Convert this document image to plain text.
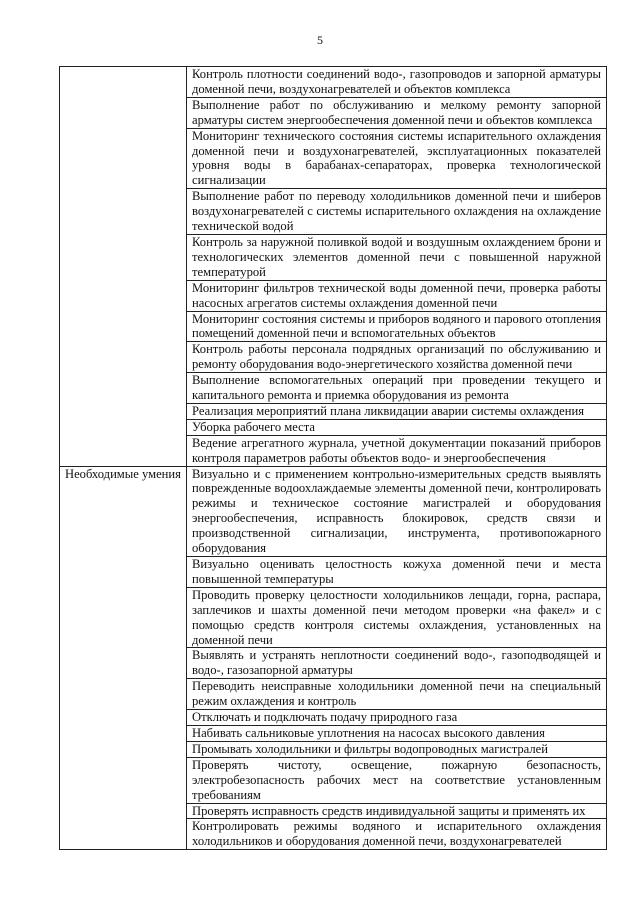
5
	Контроль плотности соединений водо-, газопроводов и запорной арматуры доменной печи, воздухонагревателей и объектов комплекса
	Выполнение работ по обслуживанию и мелкому ремонту запорной арматуры систем энергообеспечения доменной печи и объектов комплекса
	Мониторинг технического состояния системы испарительного охлаждения доменной печи и воздухонагревателей, эксплуатационных показателей уровня воды в барабанах-сепараторах, проверка технологической сигнализации
	Выполнение работ по переводу холодильников доменной печи и шиберов воздухонагревателей с системы испарительного охлаждения на охлаждение технической водой
	Контроль за наружной поливкой водой и воздушным охлаждением брони и технологических элементов доменной печи с повышенной наружной температурой
	Мониторинг фильтров технической воды доменной печи, проверка работы насосных агрегатов системы охлаждения доменной печи
	Мониторинг состояния системы и приборов водяного и парового отопления помещений доменной печи и вспомогательных объектов
	Контроль работы персонала подрядных организаций по обслуживанию и ремонту оборудования водо-энергетического хозяйства доменной печи
	Выполнение вспомогательных операций при проведении текущего и капитального ремонта и приемка оборудования из ремонта
	Реализация мероприятий плана ликвидации аварии системы охлаждения
	Уборка рабочего места
	Ведение агрегатного журнала, учетной документации показаний приборов контроля параметров работы объектов водо- и энергообеспечения
Необходимые умения	Визуально и с применением контрольно-измерительных средств выявлять поврежденные водоохлаждаемые элементы доменной печи, контролировать режимы и техническое состояние магистралей и оборудования энергообеспечения, исправность блокировок, средств связи и производственной сигнализации, инструмента, противопожарного оборудования
	Визуально оценивать целостность кожуха доменной печи и места повышенной температуры
	Проводить проверку целостности холодильников лещади, горна, распара, заплечиков и шахты доменной печи методом проверки «на факел» и с помощью средств контроля системы охлаждения, установленных на доменной печи
	Выявлять и устранять неплотности соединений водо-, газоподводящей и водо-, газозапорной арматуры
	Переводить неисправные холодильники доменной печи на специальный режим охлаждения и контроль
	Отключать и подключать подачу природного газа
	Набивать сальниковые уплотнения на насосах высокого давления
	Промывать холодильники и фильтры водопроводных магистралей
	Проверять чистоту, освещение, пожарную безопасность, электробезопасность рабочих мест на соответствие установленным требованиям
	Проверять исправность средств индивидуальной защиты и применять их
	Контролировать режимы водяного и испарительного охлаждения холодильников и оборудования доменной печи, воздухонагревателей
